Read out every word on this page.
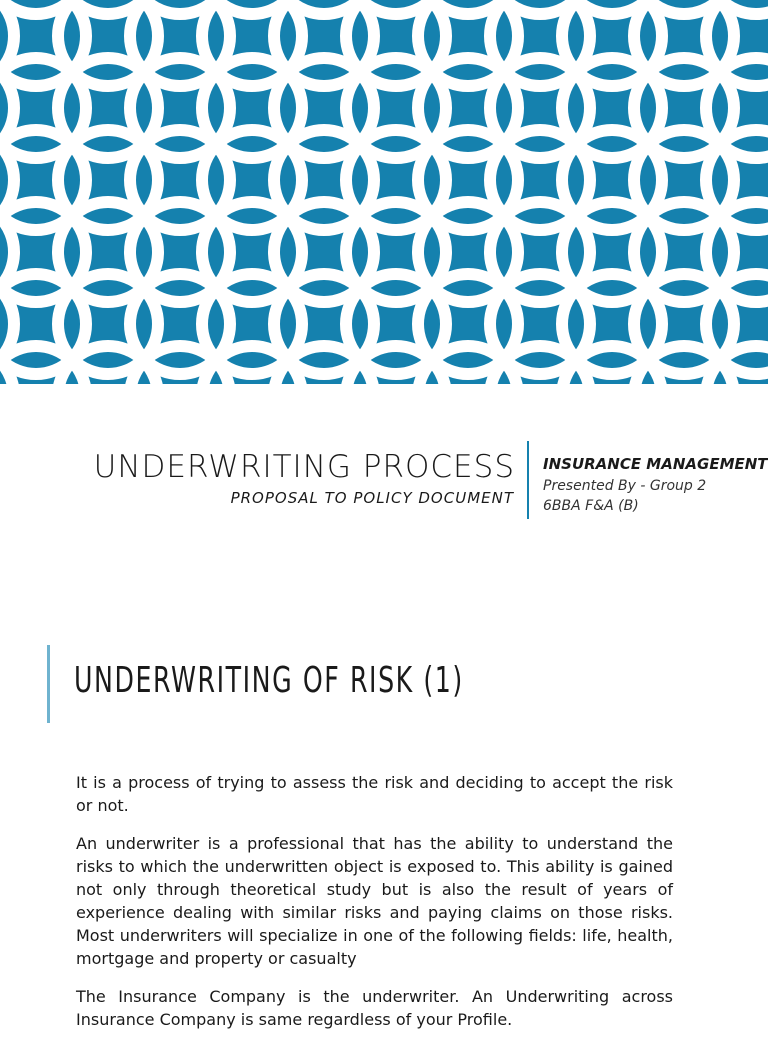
UNDERWRITING PROCESS
PROPOSAL TO POLICY DOCUMENT
INSURANCE MANAGEMENT
Presented By - Group 2
6BBA F&A (B)
UNDERWRITING OF RISK (1)

It is a process of trying to assess the risk and deciding to accept the risk or not.

An underwriter is a professional that has the ability to understand the risks to which the underwritten object is exposed to. This ability is gained not only through theoretical study but is also the result of years of experience dealing with similar risks and paying claims on those risks. Most underwriters will specialize in one of the following fields: life, health, mortgage and property or casualty

The Insurance Company is the underwriter. An Underwriting across Insurance Company is same regardless of your Profile.
